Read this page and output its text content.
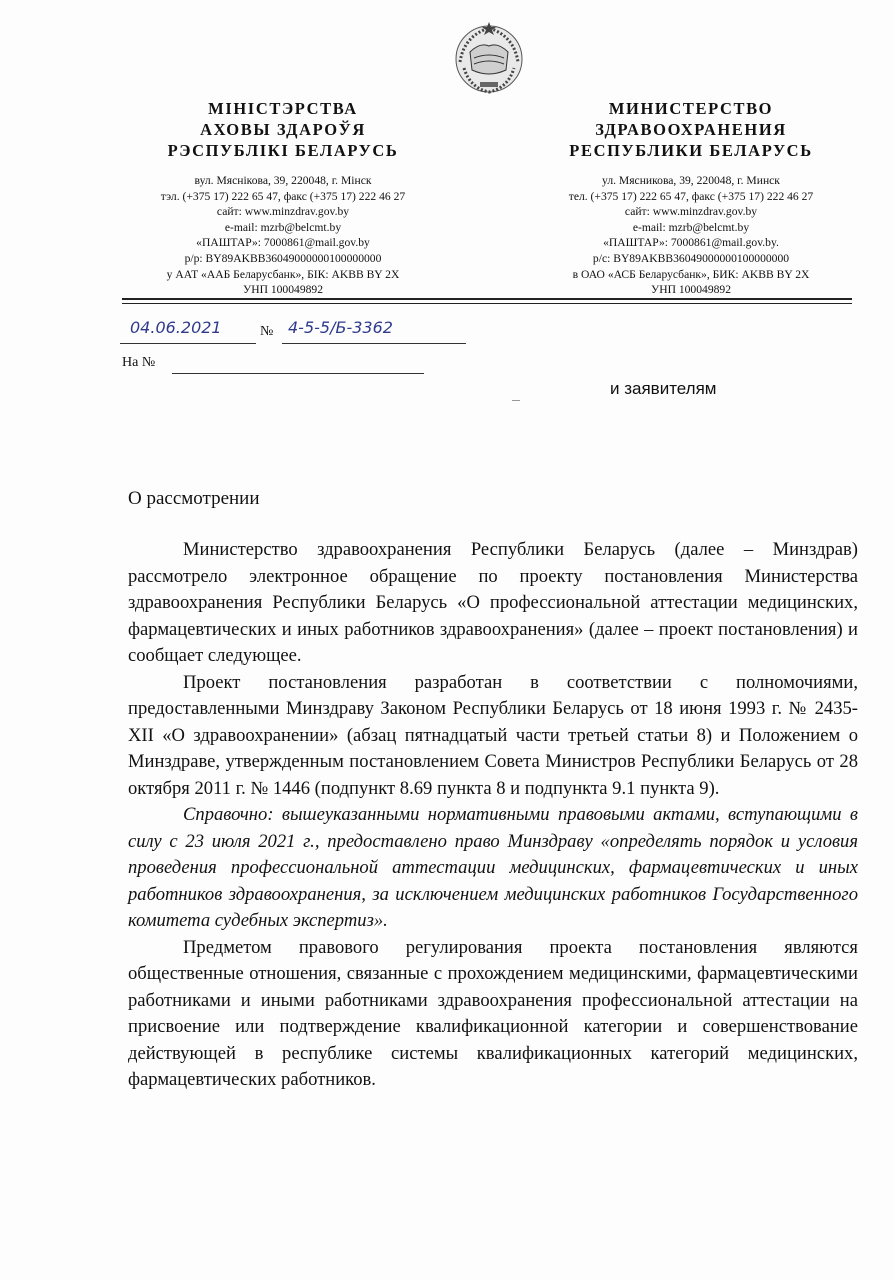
МІНІСТЭРСТВА
АХОВЫ ЗДАРОЎЯ
РЭСПУБЛІКІ БЕЛАРУСЬ
вул. Мяснікова, 39, 220048, г. Мінск
тэл. (+375 17) 222 65 47, факс (+375 17) 222 46 27
сайт: www.minzdrav.gov.by
e-mail: mzrb@belcmt.by
«ПАШТАР»: 7000861@mail.gov.by
р/р: BY89AKBB36049000000100000000
у ААТ «ААБ Беларусбанк», БІК: AKBB BY 2X
УНП 100049892
МИНИСТЕРСТВО
ЗДРАВООХРАНЕНИЯ
РЕСПУБЛИКИ БЕЛАРУСЬ
ул. Мясникова, 39, 220048, г. Минск
тел. (+375 17) 222 65 47, факс (+375 17) 222 46 27
сайт: www.minzdrav.gov.by
e-mail: mzrb@belcmt.by
«ПАШТАР»: 7000861@mail.gov.by.
р/с: BY89AKBB36049000000100000000
в ОАО «АСБ Беларусбанк», БИК: AKBB BY 2X
УНП 100049892
04.06.2021	№ 4-5-5/Б-3362
На №
и заявителям
О рассмотрении

Министерство здравоохранения Республики Беларусь (далее – Минздрав) рассмотрело электронное обращение по проекту постановления Министерства здравоохранения Республики Беларусь «О профессиональной аттестации медицинских, фармацевтических и иных работников здравоохранения» (далее – проект постановления) и сообщает следующее.

Проект постановления разработан в соответствии с полномочиями, предоставленными Минздраву Законом Республики Беларусь от 18 июня 1993 г. № 2435-XII «О здравоохранении» (абзац пятнадцатый части третьей статьи 8) и Положением о Минздраве, утвержденным постановлением Совета Министров Республики Беларусь от 28 октября 2011 г. № 1446 (подпункт 8.69 пункта 8 и подпункта 9.1 пункта 9).

Справочно: вышеуказанными нормативными правовыми актами, вступающими в силу с 23 июля 2021 г., предоставлено право Минздраву «определять порядок и условия проведения профессиональной аттестации медицинских, фармацевтических и иных работников здравоохранения, за исключением медицинских работников Государственного комитета судебных экспертиз».

Предметом правового регулирования проекта постановления являются общественные отношения, связанные с прохождением медицинскими, фармацевтическими работниками и иными работниками здравоохранения профессиональной аттестации на присвоение или подтверждение квалификационной категории и совершенствование действующей в республике системы квалификационных категорий медицинских, фармацевтических работников.
